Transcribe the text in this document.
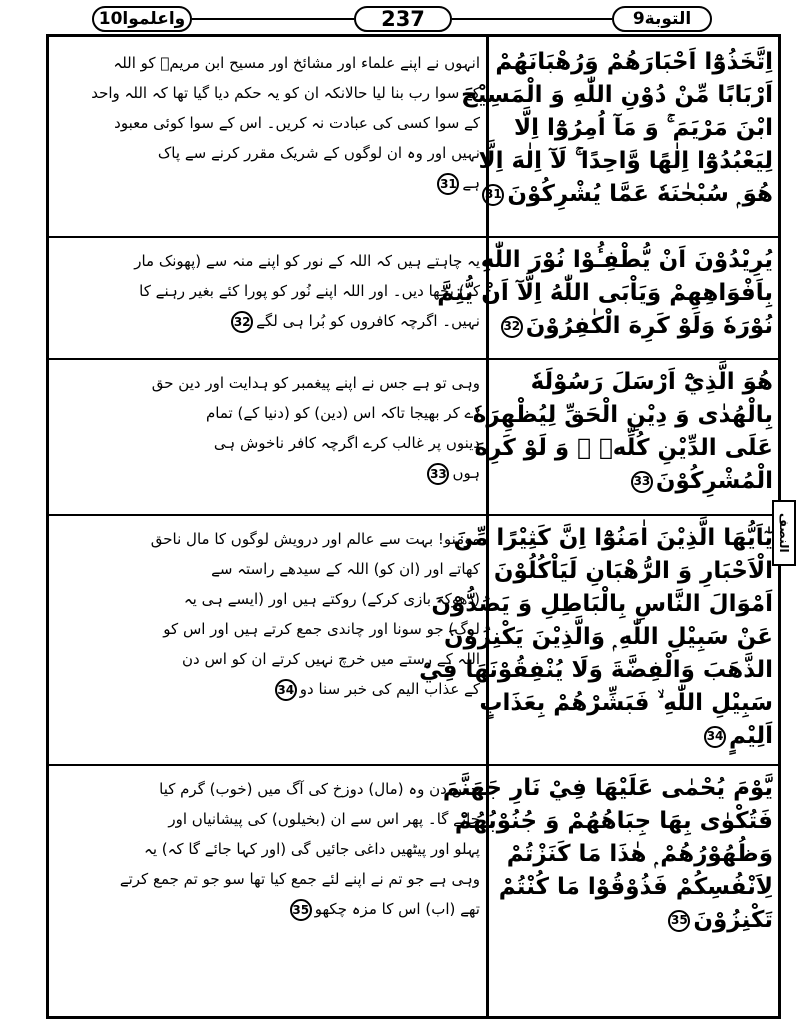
واعلموا10	237	التوبة9
النصف
اِتَّخَذُوْٓا اَحْبَارَهُمْ وَرُهْبَانَهُمْ
اَرْبَابًا مِّنْ دُوْنِ اللّٰهِ وَ الْمَسِيْحَ
ابْنَ مَرْيَمَ ۚ وَ مَآ اُمِرُوْٓا اِلَّا
لِيَعْبُدُوْٓا اِلٰهًا وَّاحِدًا ۚ لَآ اِلٰهَ اِلَّا
هُوَ ۭ سُبْحٰنَهٗ عَمَّا يُشْرِكُوْنَ31
انہوں نے اپنے علماء اور مشائخ اور مسیح ابن مریمؑ کو اللہ
کے سوا رب بنا لیا حالانکہ ان کو یہ حکم دیا گیا تھا کہ اللہ واحد
کے سوا کسی کی عبادت نہ کریں۔ اس کے سوا کوئی معبود
نہیں اور وہ ان لوگوں کے شریک مقرر کرنے سے پاک
ہے31
يُرِيْدُوْنَ اَنْ يُّطْفِـُٔوْا نُوْرَ اللّٰهِ
بِاَفْوَاهِهِمْ وَيَاْبَى اللّٰهُ اِلَّآ اَنْ يُّتِمَّ
نُوْرَهٗ وَلَوْ كَرِهَ الْكٰفِرُوْنَ32
یہ چاہتے ہیں کہ اللہ کے نور کو اپنے منہ سے (پھونک مار
کر) بجھا دیں۔ اور اللہ اپنے نُور کو پورا کئے بغیر رہنے کا
نہیں۔ اگرچہ کافروں کو بُرا ہی لگے32
هُوَ الَّذِيْٓ اَرْسَلَ رَسُوْلَهٗ
بِالْهُدٰى وَ دِيْنِ الْحَقِّ لِيُظْهِرَهٗ
عَلَى الدِّيْنِ كُلِّهٖ ۙ وَ لَوْ كَرِهَ
الْمُشْرِكُوْنَ33
وہی تو ہے جس نے اپنے پیغمبر کو ہدایت اور دین حق
دے کر بھیجا تاکہ اس (دین) کو (دنیا کے) تمام
دینوں پر غالب کرے اگرچہ کافر ناخوش ہی
ہوں33
يٰٓاَيُّهَا الَّذِيْنَ اٰمَنُوْٓا اِنَّ كَثِيْرًا مِّنَ
الْاَحْبَارِ وَ الرُّهْبَانِ لَيَاْكُلُوْنَ
اَمْوَالَ النَّاسِ بِالْبَاطِلِ وَ يَصُدُّوْنَ
عَنْ سَبِيْلِ اللّٰهِ ۭ وَالَّذِيْنَ يَكْنِزُوْنَ
الذَّهَبَ وَالْفِضَّةَ وَلَا يُنْفِقُوْنَهَا فِيْ
سَبِيْلِ اللّٰهِ ۙ فَبَشِّرْهُمْ بِعَذَابٍ
اَلِيْمٍ34
مومنو! بہت سے عالم اور درویش لوگوں کا مال ناحق
کھاتے اور (ان کو) اللہ کے سیدھے راستہ سے
(دھوکہ بازی کرکے) روکتے ہیں اور (ایسے ہی یہ
لوگ) جو سونا اور چاندی جمع کرتے ہیں اور اس کو
اللہ کے رستے میں خرچ نہیں کرتے ان کو اس دن
کے عذاب الیم کی خبر سنا دو34
يَّوْمَ يُحْمٰى عَلَيْهَا فِيْ نَارِ جَهَنَّمَ
فَتُكْوٰى بِهَا جِبَاهُهُمْ وَ جُنُوْبُهُمْ
وَظُهُوْرُهُمْ ۭ هٰذَا مَا كَنَزْتُمْ
لِاَنْفُسِكُمْ فَذُوْقُوْا مَا كُنْتُمْ
تَكْنِزُوْنَ35
جس دن وہ (مال) دوزخ کی آگ میں (خوب) گرم کیا
جائے گا۔ پھر اس سے ان (بخیلوں) کی پیشانیاں اور
پہلو اور پیٹھیں داغی جائیں گی (اور کہا جائے گا کہ) یہ
وہی ہے جو تم نے اپنے لئے جمع کیا تھا سو جو تم جمع کرتے
تھے (اب) اس کا مزہ چکھو35
